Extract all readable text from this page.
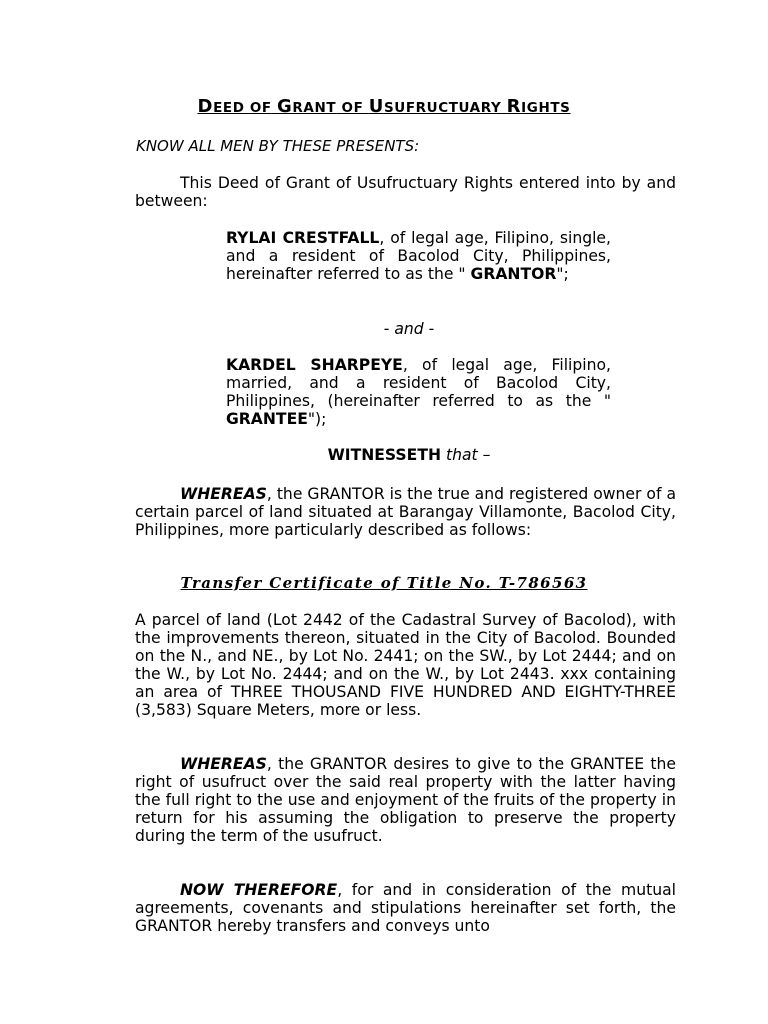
DEED OF GRANT OF USUFRUCTUARY RIGHTS
KNOW ALL MEN BY THESE PRESENTS:
This Deed of Grant of Usufructuary Rights entered into by and between:
RYLAI CRESTFALL, of legal age, Filipino, single, and a resident of Bacolod City, Philippines, hereinafter referred to as the " GRANTOR";
- and -
KARDEL SHARPEYE, of legal age, Filipino, married, and a resident of Bacolod City, Philippines, (hereinafter referred to as the " GRANTEE");
WITNESSETH that –
WHEREAS, the GRANTOR is the true and registered owner of a certain parcel of land situated at Barangay Villamonte, Bacolod City, Philippines, more particularly described as follows:
Transfer Certificate of Title No. T-786563
A parcel of land (Lot 2442 of the Cadastral Survey of Bacolod), with the improvements thereon, situated in the City of Bacolod. Bounded on the N., and NE., by Lot No. 2441; on the SW., by Lot 2444; and on the W., by Lot No. 2444; and on the W., by Lot 2443. xxx containing an area of THREE THOUSAND FIVE HUNDRED AND EIGHTY-THREE (3,583) Square Meters, more or less.
WHEREAS, the GRANTOR desires to give to the GRANTEE the right of usufruct over the said real property with the latter having the full right to the use and enjoyment of the fruits of the property in return for his assuming the obligation to preserve the property during the term of the usufruct.
NOW THEREFORE, for and in consideration of the mutual agreements, covenants and stipulations hereinafter set forth, the GRANTOR hereby transfers and conveys unto
